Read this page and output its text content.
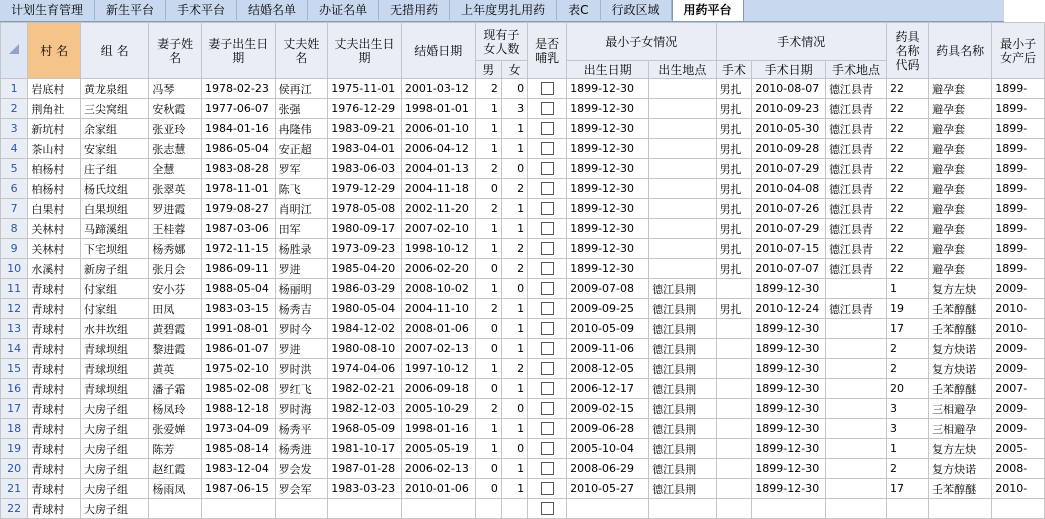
计划生育管理	新生平台	手术平台	结婚名单	办证名单	无措用药	上年度男扎用药	表C	行政区域	用药平台
	村 名	组 名	妻子姓名	妻子出生日期	丈夫姓名	丈夫出生日期	结婚日期	现有子女人数		是否哺乳	最小子女情况		手术情况			药具名称代码	药具名称	最小子女产后
								男	女		出生日期	出生地点	手术	手术日期	手术地点			
1	岩底村	黄龙泉组	冯琴	1978-02-23	侯再江	1975-11-01	2001-03-12	2	0		1899-12-30		男扎	2010-08-07	德江县青	22	避孕套	1899-
2	荆角社	三尖窝组	安秋霞	1977-06-07	张强	1976-12-29	1998-01-01	1	3		1899-12-30		男扎	2010-09-23	德江县青	22	避孕套	1899-
3	新坑村	余家组	张亚玲	1984-01-16	冉隆伟	1983-09-21	2006-01-10	1	1		1899-12-30		男扎	2010-05-30	德江县青	22	避孕套	1899-
4	茶山村	安家组	张志慧	1986-05-04	安正超	1983-04-01	2006-04-12	1	1		1899-12-30		男扎	2010-09-28	德江县青	22	避孕套	1899-
5	柏杨村	庄子组	全慧	1983-08-28	罗军	1983-06-03	2004-01-13	2	0		1899-12-30		男扎	2010-07-29	德江县青	22	避孕套	1899-
6	柏杨村	杨氏坟组	张翠英	1978-11-01	陈飞	1979-12-29	2004-11-18	0	2		1899-12-30		男扎	2010-04-08	德江县青	22	避孕套	1899-
7	白果村	白果坝组	罗进霞	1979-08-27	肖明江	1978-05-08	2002-11-20	2	1		1899-12-30		男扎	2010-07-26	德江县青	22	避孕套	1899-
8	关林村	马蹄溪组	王桂蓉	1987-03-06	田军	1980-09-17	2007-02-10	1	1		1899-12-30		男扎	2010-07-29	德江县青	22	避孕套	1899-
9	关林村	下宅坝组	杨秀娜	1972-11-15	杨胜录	1973-09-23	1998-10-12	1	2		1899-12-30		男扎	2010-07-15	德江县青	22	避孕套	1899-
10	水溪村	新房子组	张月会	1986-09-11	罗进	1985-04-20	2006-02-20	0	2		1899-12-30		男扎	2010-07-07	德江县青	22	避孕套	1899-
11	青球村	付家组	安小芬	1988-05-04	杨丽明	1986-03-29	2008-10-02	1	0		2009-07-08	德江县荆		1899-12-30		1	复方左炔	2009-
12	青球村	付家组	田凤	1983-03-15	杨秀吉	1980-05-04	2004-11-10	2	1		2009-09-25	德江县荆	男扎	2010-12-24	德江县青	19	壬苯醇醚	2010-
13	青球村	水井坎组	黄碧霞	1991-08-01	罗时今	1984-12-02	2008-01-06	0	1		2010-05-09	德江县荆		1899-12-30		17	壬苯醇醚	2010-
14	青球村	青球坝组	黎进霞	1986-01-07	罗进	1980-08-10	2007-02-13	0	1		2009-11-06	德江县荆		1899-12-30		2	复方炔诺	2009-
15	青球村	青球坝组	黄英	1975-02-10	罗时洪	1974-04-06	1997-10-12	1	2		2008-12-05	德江县荆		1899-12-30		2	复方炔诺	2009-
16	青球村	青球坝组	潘子霜	1985-02-08	罗红飞	1982-02-21	2006-09-18	0	1		2006-12-17	德江县荆		1899-12-30		20	壬苯醇醚	2007-
17	青球村	大房子组	杨凤玲	1988-12-18	罗时海	1982-12-03	2005-10-29	2	0		2009-02-15	德江县荆		1899-12-30		3	三相避孕	2009-
18	青球村	大房子组	张爱婵	1973-04-09	杨秀平	1968-05-09	1998-01-16	1	1		2009-06-28	德江县荆		1899-12-30		3	三相避孕	2009-
19	青球村	大房子组	陈芳	1985-08-14	杨秀进	1981-10-17	2005-05-19	1	0		2005-10-04	德江县荆		1899-12-30		1	复方左炔	2005-
20	青球村	大房子组	赵红霞	1983-12-04	罗会发	1987-01-28	2006-02-13	0	1		2008-06-29	德江县荆		1899-12-30		2	复方炔诺	2008-
21	青球村	大房子组	杨雨凤	1987-06-15	罗会军	1983-03-23	2010-01-06	0	1		2010-05-27	德江县荆		1899-12-30		17	壬苯醇醚	2010-
22	青球村	大房子组																
